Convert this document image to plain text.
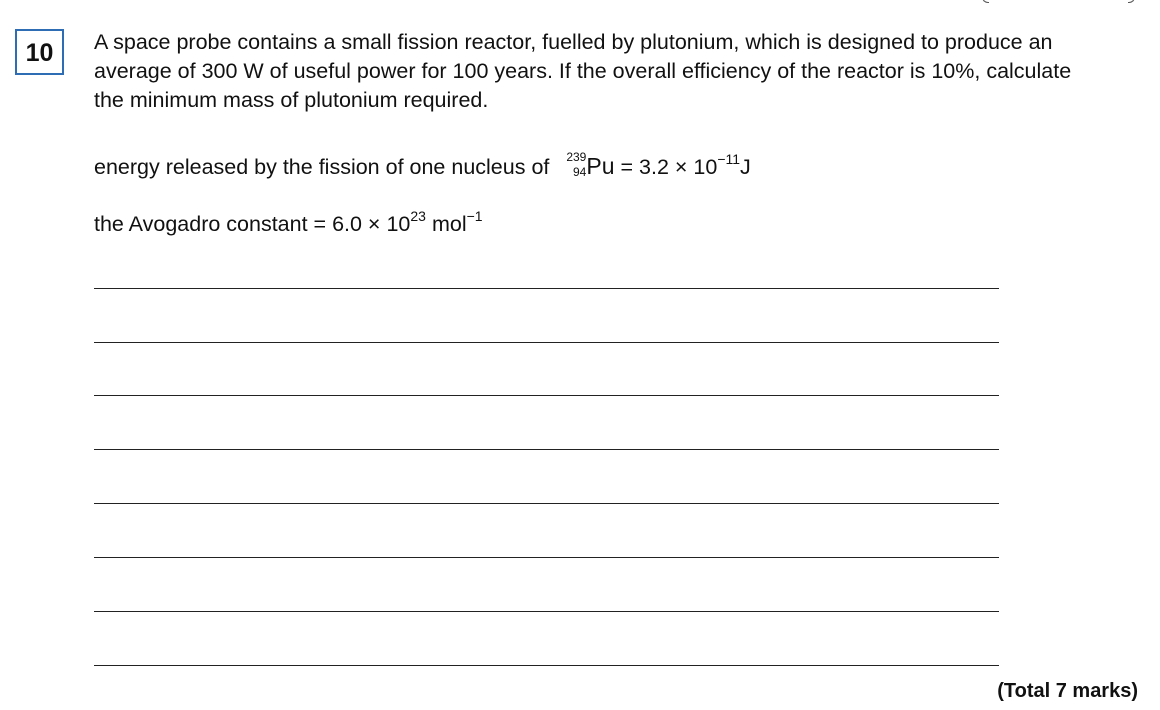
10	A space probe contains a small fission reactor, fuelled by plutonium, which is designed to produce an average of 300 W of useful power for 100 years. If the overall efficiency of the reactor is 10%, calculate the minimum mass of plutonium required.

energy released by the fission of one nucleus of 239
94 $Pu = 3.2 \times 10^{-11}J$
the Avogadro constant = $6.0 \times 10^{23}$ mol$^{-1}$
(Total 7 marks)
